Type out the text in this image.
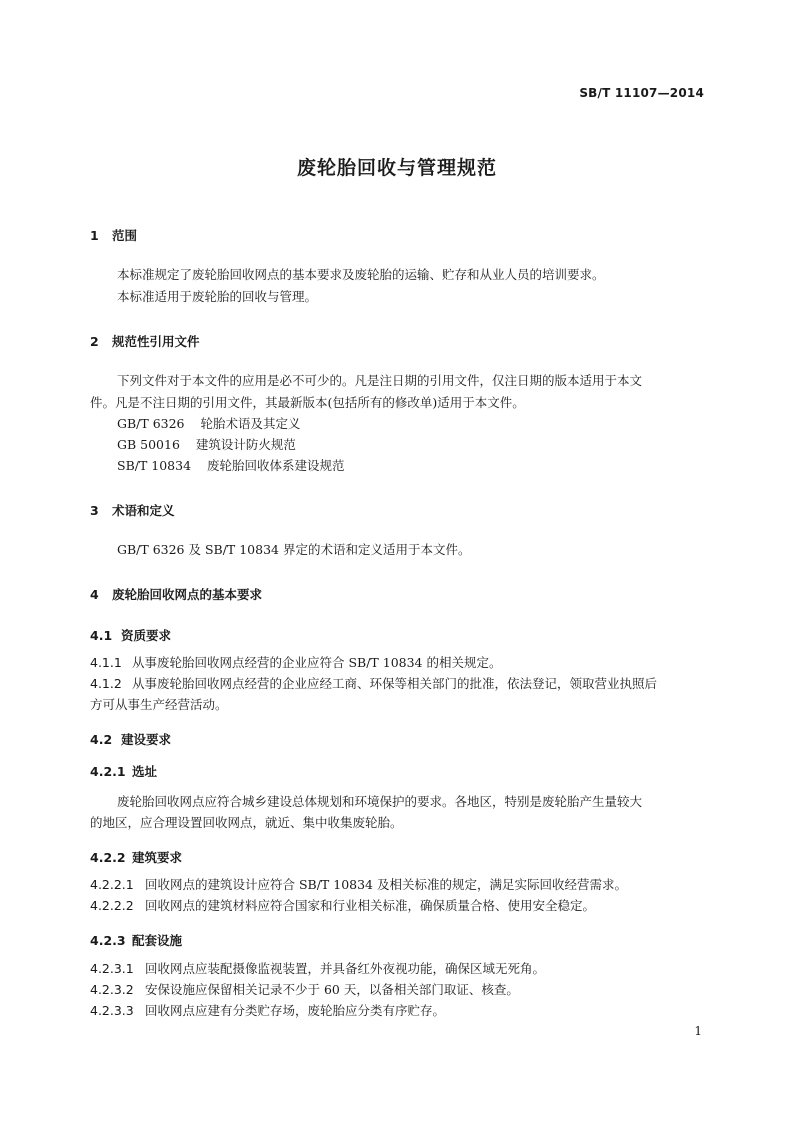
SB/T 11107—2014
废轮胎回收与管理规范
1 范围
本标准规定了废轮胎回收网点的基本要求及废轮胎的运输、贮存和从业人员的培训要求。
本标准适用于废轮胎的回收与管理。
2 规范性引用文件
下列文件对于本文件的应用是必不可少的。凡是注日期的引用文件，仅注日期的版本适用于本文
件。凡是不注日期的引用文件，其最新版本(包括所有的修改单)适用于本文件。
GB/T 6326 轮胎术语及其定义
GB 50016 建筑设计防火规范
SB/T 10834 废轮胎回收体系建设规范
3 术语和定义
GB/T 6326 及 SB/T 10834 界定的术语和定义适用于本文件。
4 废轮胎回收网点的基本要求
4.1 资质要求
4.1.1 从事废轮胎回收网点经营的企业应符合 SB/T 10834 的相关规定。
4.1.2 从事废轮胎回收网点经营的企业应经工商、环保等相关部门的批准，依法登记，领取营业执照后
方可从事生产经营活动。
4.2 建设要求
4.2.1 选址
废轮胎回收网点应符合城乡建设总体规划和环境保护的要求。各地区，特别是废轮胎产生量较大
的地区，应合理设置回收网点，就近、集中收集废轮胎。
4.2.2 建筑要求
4.2.2.1 回收网点的建筑设计应符合 SB/T 10834 及相关标准的规定，满足实际回收经营需求。
4.2.2.2 回收网点的建筑材料应符合国家和行业相关标准，确保质量合格、使用安全稳定。
4.2.3 配套设施
4.2.3.1 回收网点应装配摄像监视装置，并具备红外夜视功能，确保区域无死角。
4.2.3.2 安保设施应保留相关记录不少于 60 天，以备相关部门取证、核查。
4.2.3.3 回收网点应建有分类贮存场，废轮胎应分类有序贮存。
1
